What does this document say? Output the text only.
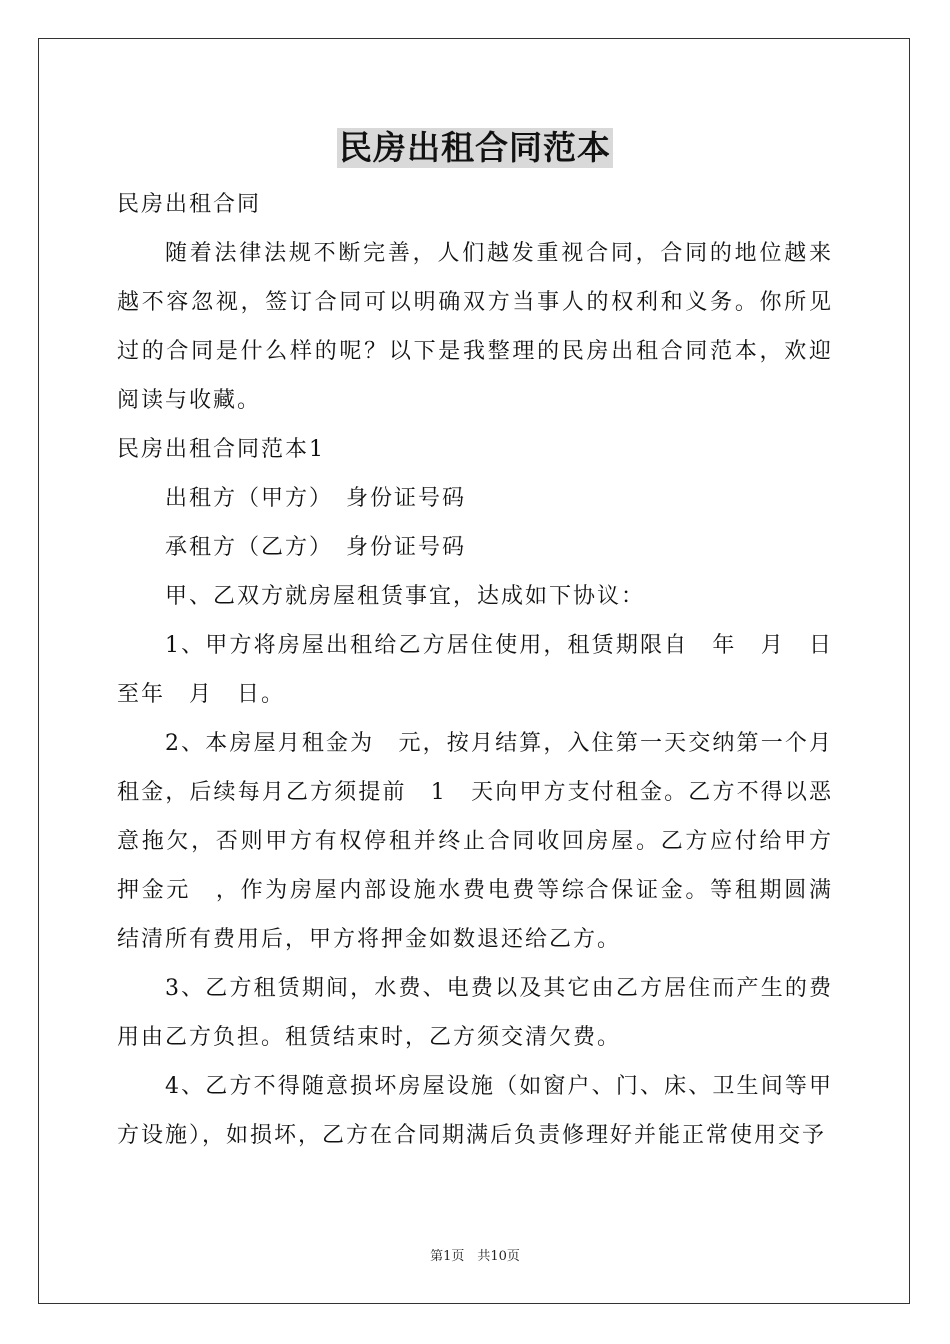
民房出租合同范本

民房出租合同

随着法律法规不断完善，人们越发重视合同，合同的地位越来越不容忽视，签订合同可以明确双方当事人的权利和义务。你所见过的合同是什么样的呢？以下是我整理的民房出租合同范本，欢迎阅读与收藏。

民房出租合同范本1

出租方（甲方）　身份证号码

承租方（乙方）　身份证号码

甲、乙双方就房屋租赁事宜，达成如下协议：

1、甲方将房屋出租给乙方居住使用，租赁期限自　年　月　日至年　月　日。

2、本房屋月租金为　元，按月结算，入住第一天交纳第一个月租金，后续每月乙方须提前　1　天向甲方支付租金。乙方不得以恶意拖欠，否则甲方有权停租并终止合同收回房屋。乙方应付给甲方押金元　，作为房屋内部设施水费电费等综合保证金。等租期圆满结清所有费用后，甲方将押金如数退还给乙方。

3、乙方租赁期间，水费、电费以及其它由乙方居住而产生的费用由乙方负担。租赁结束时，乙方须交清欠费。

4、乙方不得随意损坏房屋设施（如窗户、门、床、卫生间等甲方设施），如损坏，乙方在合同期满后负责修理好并能正常使用交予

第1页　共10页
